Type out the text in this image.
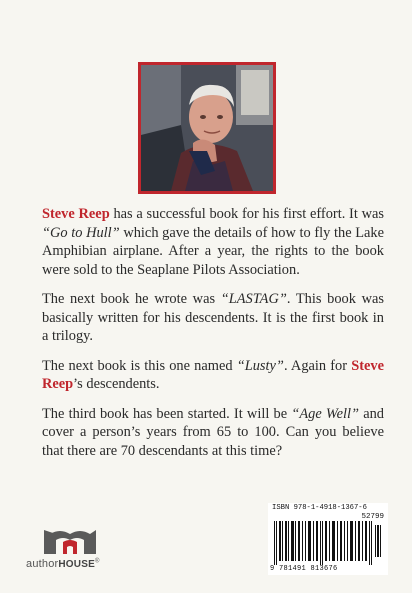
Steve Reep has a successful book for his first effort. It was “Go to Hull” which gave the details of how to fly the Lake Amphibian airplane. After a year, the rights to the book were sold to the Seaplane Pilots Association.

The next book he wrote was “LASTAG”. This book was basically written for his descendents. It is the first book in a trilogy.

The next book is this one named “Lusty”. Again for Steve Reep’s descendents.

The third book has been started. It will be “Age Well” and cover a person’s years from 65 to 100. Can you believe that there are 70 descendants at this time?

authorHOUSE®
ISBN 978-1-4918-1367-6
52799
9 781491 813676
